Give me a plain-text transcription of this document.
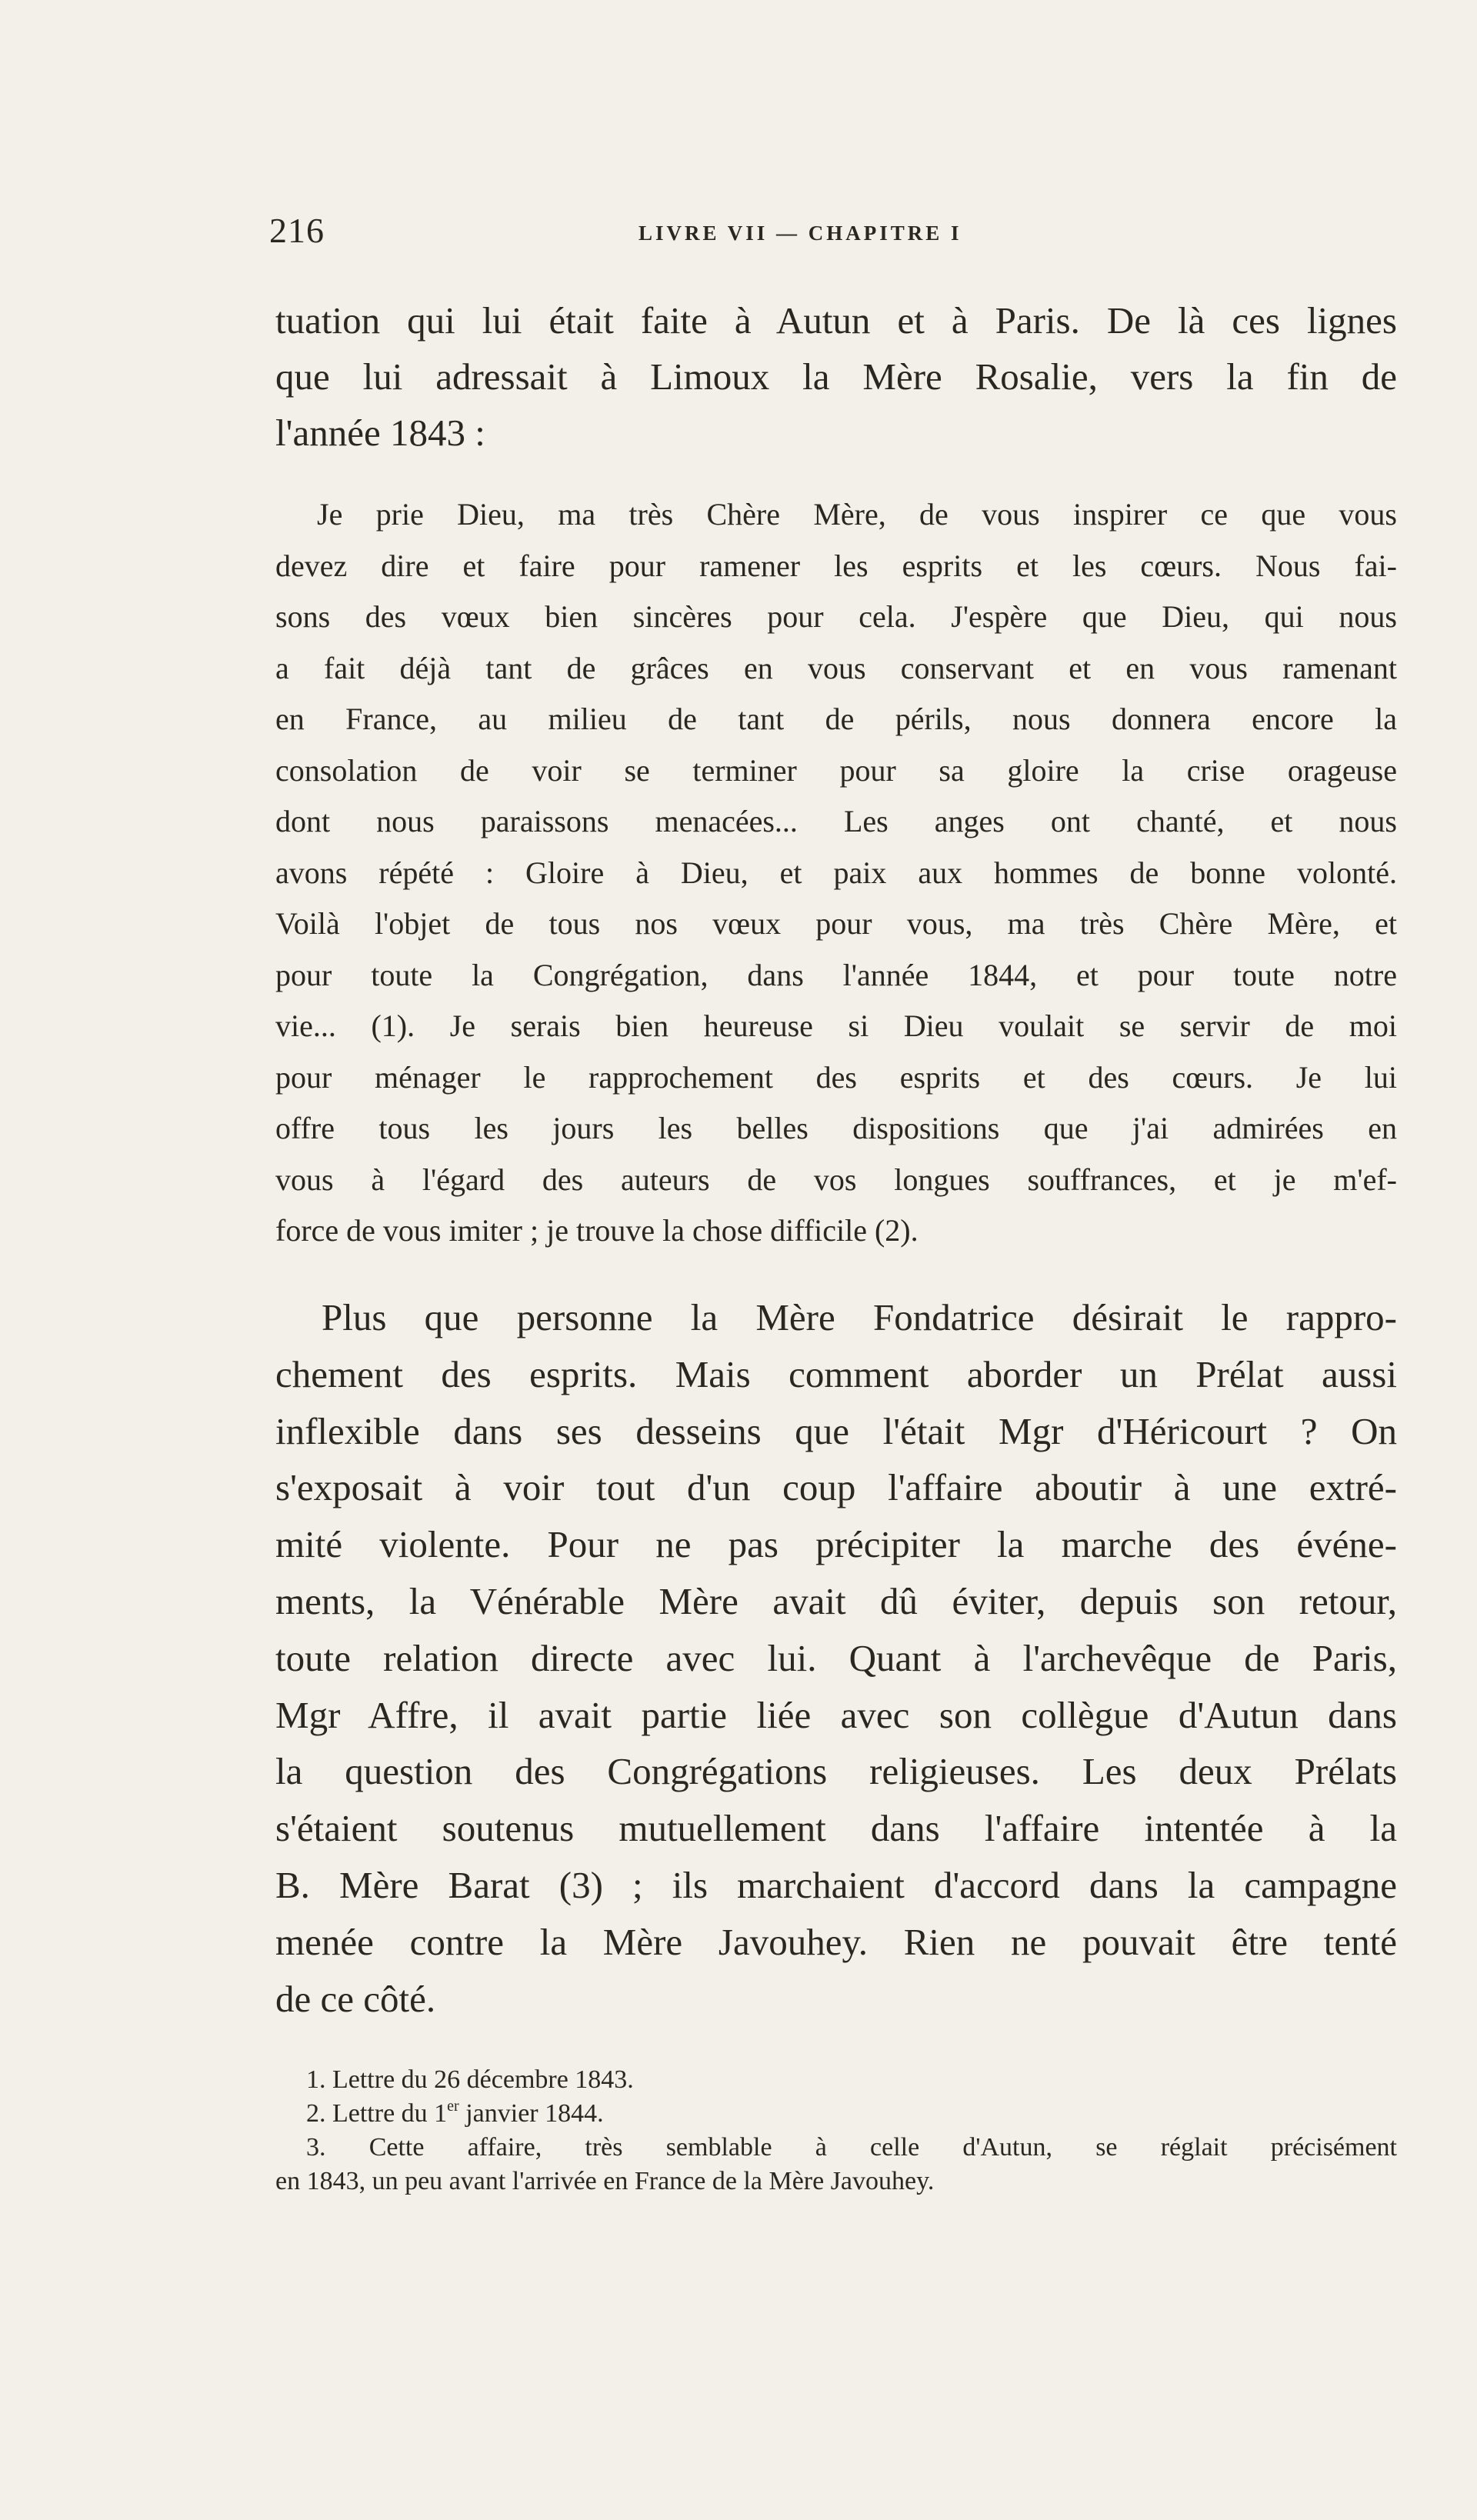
216	LIVRE VII — CHAPITRE I
tuation qui lui était faite à Autun et à Paris. De là ces lignes
que lui adressait à Limoux la Mère Rosalie, vers la fin de
l'année 1843 :
Je prie Dieu, ma très Chère Mère, de vous inspirer ce que vous
devez dire et faire pour ramener les esprits et les cœurs. Nous fai-
sons des vœux bien sincères pour cela. J'espère que Dieu, qui nous
a fait déjà tant de grâces en vous conservant et en vous ramenant
en France, au milieu de tant de périls, nous donnera encore la
consolation de voir se terminer pour sa gloire la crise orageuse
dont nous paraissons menacées... Les anges ont chanté, et nous
avons répété : Gloire à Dieu, et paix aux hommes de bonne volonté.
Voilà l'objet de tous nos vœux pour vous, ma très Chère Mère, et
pour toute la Congrégation, dans l'année 1844, et pour toute notre
vie... (1). Je serais bien heureuse si Dieu voulait se servir de moi
pour ménager le rapprochement des esprits et des cœurs. Je lui
offre tous les jours les belles dispositions que j'ai admirées en
vous à l'égard des auteurs de vos longues souffrances, et je m'ef-
force de vous imiter ; je trouve la chose difficile (2).
Plus que personne la Mère Fondatrice désirait le rappro-
chement des esprits. Mais comment aborder un Prélat aussi
inflexible dans ses desseins que l'était Mgr d'Héricourt ? On
s'exposait à voir tout d'un coup l'affaire aboutir à une extré-
mité violente. Pour ne pas précipiter la marche des événe-
ments, la Vénérable Mère avait dû éviter, depuis son retour,
toute relation directe avec lui. Quant à l'archevêque de Paris,
Mgr Affre, il avait partie liée avec son collègue d'Autun dans
la question des Congrégations religieuses. Les deux Prélats
s'étaient soutenus mutuellement dans l'affaire intentée à la
B. Mère Barat (3) ; ils marchaient d'accord dans la campagne
menée contre la Mère Javouhey. Rien ne pouvait être tenté
de ce côté.
1. Lettre du 26 décembre 1843.
2. Lettre du 1er janvier 1844.
3. Cette affaire, très semblable à celle d'Autun, se réglait précisément
en 1843, un peu avant l'arrivée en France de la Mère Javouhey.
